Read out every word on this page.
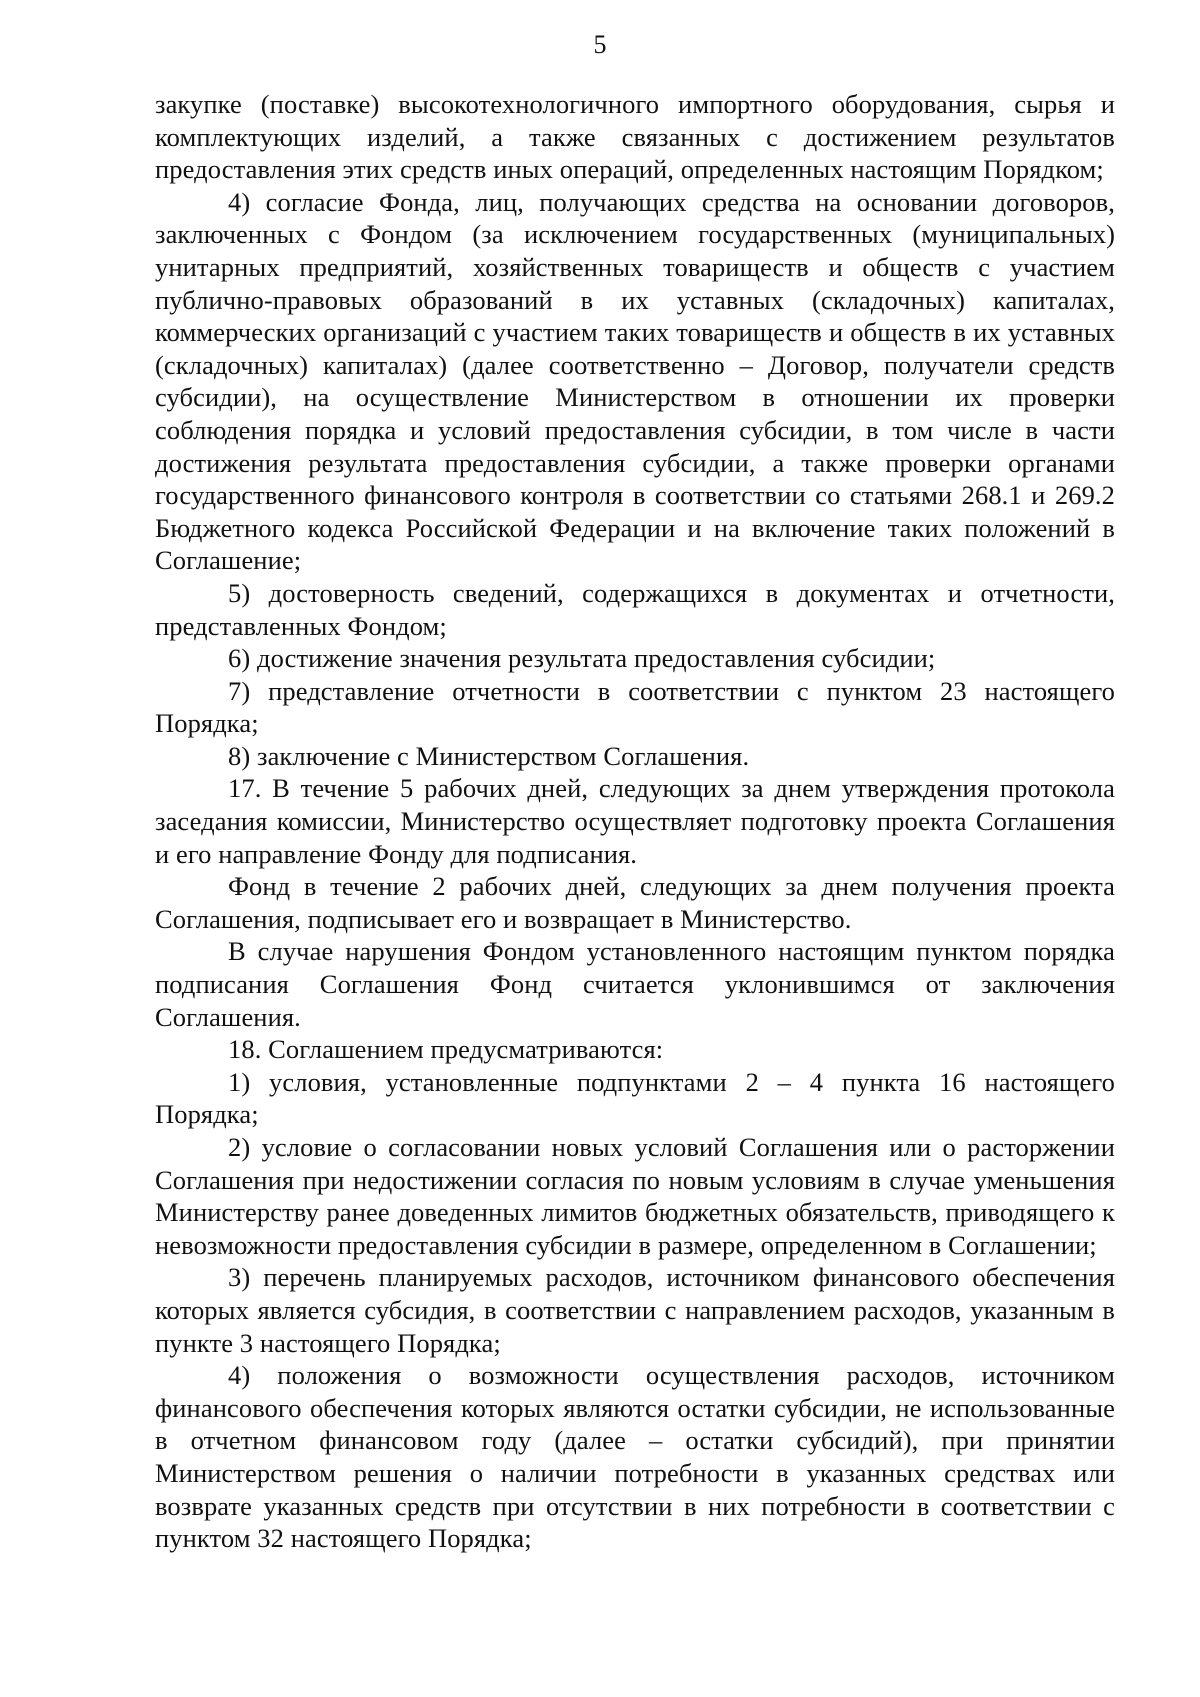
5

закупке (поставке) высокотехнологичного импортного оборудования, сырья и комплектующих изделий, а также связанных с достижением результатов предоставления этих средств иных операций, определенных настоящим Порядком;

4) согласие Фонда, лиц, получающих средства на основании договоров, заключенных с Фондом (за исключением государственных (муниципальных) унитарных предприятий, хозяйственных товариществ и обществ с участием публично-правовых образований в их уставных (складочных) капиталах, коммерческих организаций с участием таких товариществ и обществ в их уставных (складочных) капиталах) (далее соответственно – Договор, получатели средств субсидии), на осуществление Министерством в отношении их проверки соблюдения порядка и условий предоставления субсидии, в том числе в части достижения результата предоставления субсидии, а также проверки органами государственного финансового контроля в соответствии со статьями 268.1 и 269.2 Бюджетного кодекса Российской Федерации и на включение таких положений в Соглашение;

5) достоверность сведений, содержащихся в документах и отчетности, представленных Фондом;

6) достижение значения результата предоставления субсидии;

7) представление отчетности в соответствии с пунктом 23 настоящего Порядка;

8) заключение с Министерством Соглашения.

17. В течение 5 рабочих дней, следующих за днем утверждения протокола заседания комиссии, Министерство осуществляет подготовку проекта Соглашения и его направление Фонду для подписания.

Фонд в течение 2 рабочих дней, следующих за днем получения проекта Соглашения, подписывает его и возвращает в Министерство.

В случае нарушения Фондом установленного настоящим пунктом порядка подписания Соглашения Фонд считается уклонившимся от заключения Соглашения.

18. Соглашением предусматриваются:

1) условия, установленные подпунктами 2 – 4 пункта 16 настоящего Порядка;

2) условие о согласовании новых условий Соглашения или о расторжении Соглашения при недостижении согласия по новым условиям в случае уменьшения Министерству ранее доведенных лимитов бюджетных обязательств, приводящего к невозможности предоставления субсидии в размере, определенном в Соглашении;

3) перечень планируемых расходов, источником финансового обеспечения которых является субсидия, в соответствии с направлением расходов, указанным в пункте 3 настоящего Порядка;

4) положения о возможности осуществления расходов, источником финансового обеспечения которых являются остатки субсидии, не использованные в отчетном финансовом году (далее – остатки субсидий), при принятии Министерством решения о наличии потребности в указанных средствах или возврате указанных средств при отсутствии в них потребности в соответствии с пунктом 32 настоящего Порядка;
